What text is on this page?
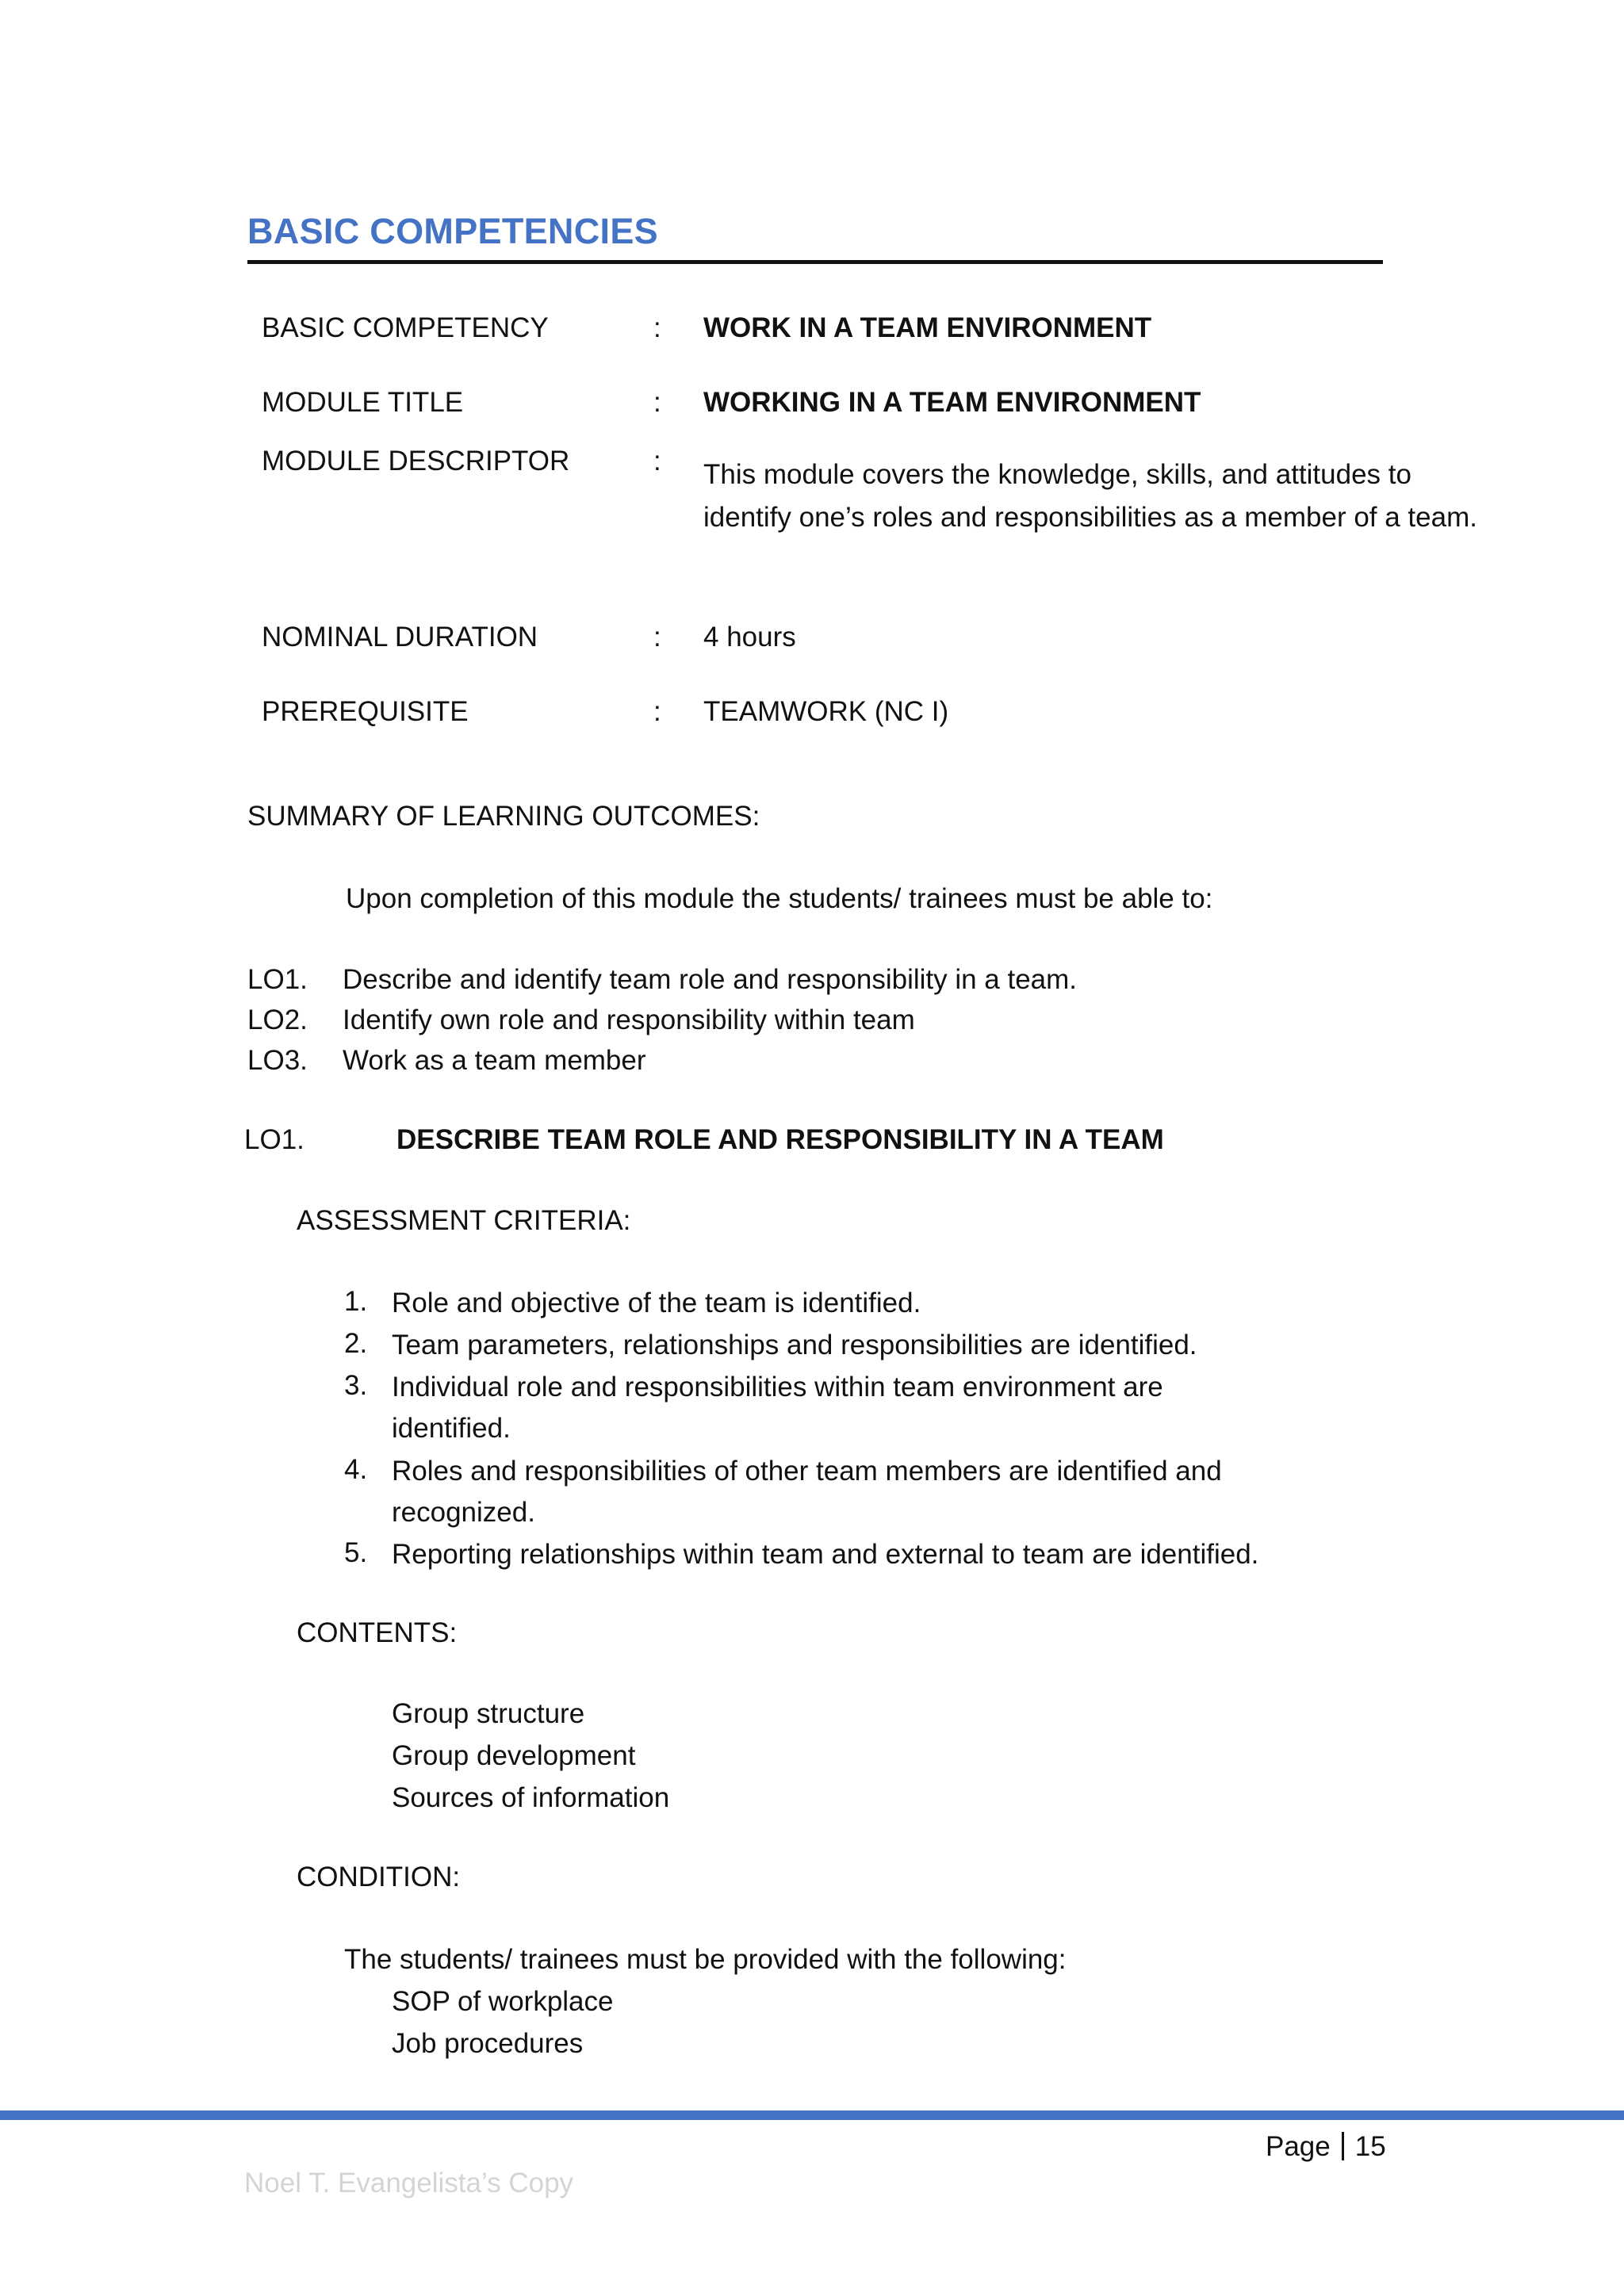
BASIC COMPETENCIES
BASIC COMPETENCY	: WORK IN A TEAM ENVIRONMENT
MODULE TITLE	: WORKING IN A TEAM ENVIRONMENT
MODULE DESCRIPTOR	: This module covers the knowledge, skills, and attitudes to identify one’s roles and responsibilities as a member of a team.
NOMINAL DURATION	: 4 hours
PREREQUISITE	: TEAMWORK (NC I)
SUMMARY OF LEARNING OUTCOMES:
Upon completion of this module the students/ trainees must be able to:
LO1. Describe and identify team role and responsibility in a team.
LO2. Identify own role and responsibility within team
LO3. Work as a team member
LO1.	DESCRIBE TEAM ROLE AND RESPONSIBILITY IN A TEAM
ASSESSMENT CRITERIA:
1. Role and objective of the team is identified.
2. Team parameters, relationships and responsibilities are identified.
3. Individual role and responsibilities within team environment are identified.
4. Roles and responsibilities of other team members are identified and recognized.
5. Reporting relationships within team and external to team are identified.
CONTENTS:
Group structure
Group development
Sources of information
CONDITION:
The students/ trainees must be provided with the following:
SOP of workplace
Job procedures
Page 15
Noel T. Evangelista’s Copy
